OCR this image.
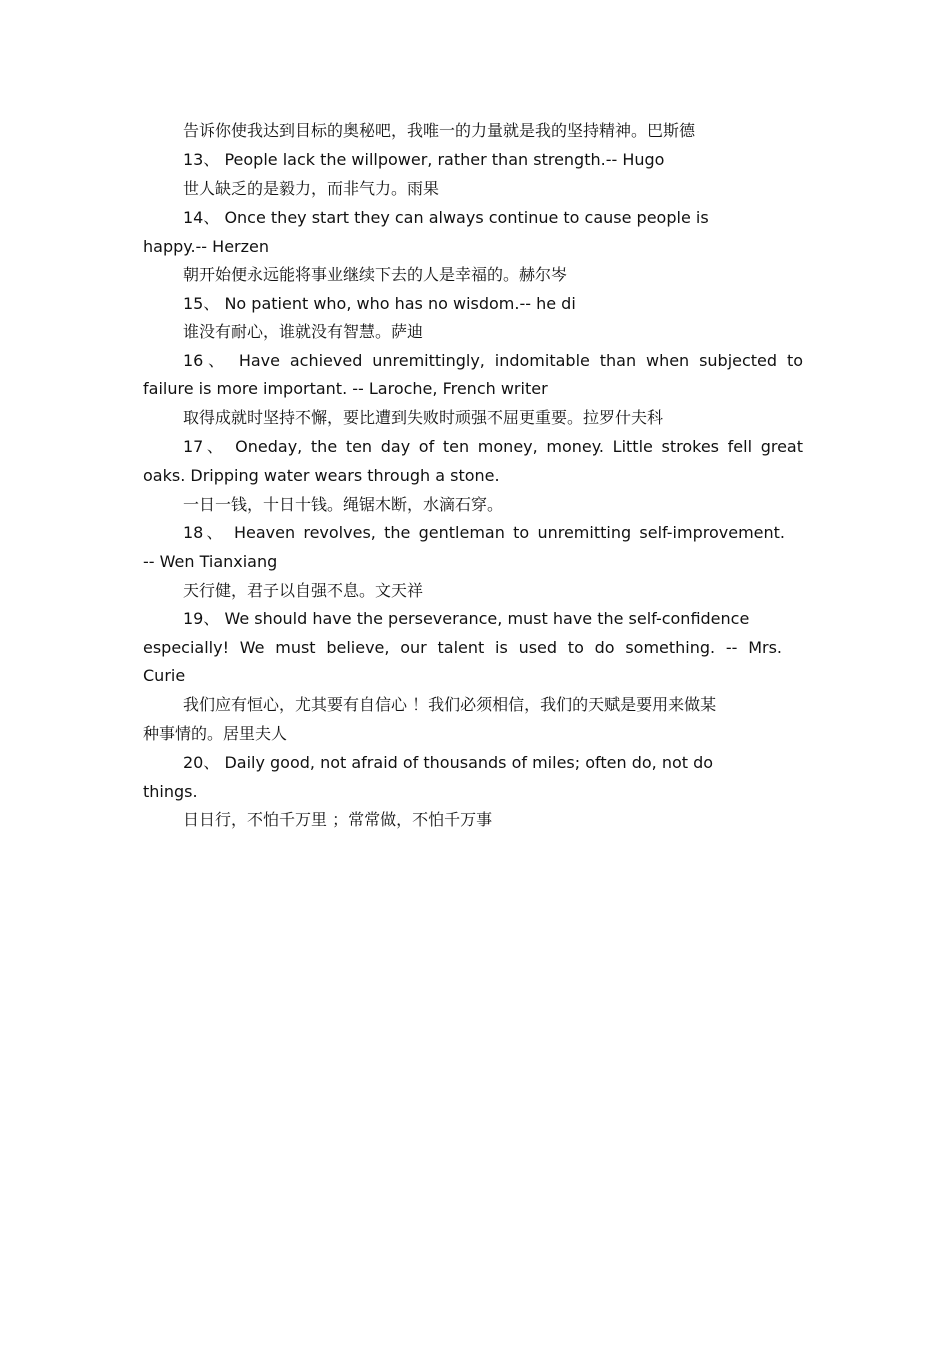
告诉你使我达到目标的奥秘吧，我唯一的力量就是我的坚持精神。巴斯德
13、 People lack the willpower, rather than strength.-- Hugo
世人缺乏的是毅力，而非气力。雨果
14、 Once they start they can always continue to cause people is
happy.-- Herzen
朝开始便永远能将事业继续下去的人是幸福的。赫尔岑
15、 No patient who, who has no wisdom.-- he di
谁没有耐心，谁就没有智慧。萨迪
16、 Have achieved unremittingly, indomitable than when subjected to
failure is more important. -- Laroche, French writer
取得成就时坚持不懈，要比遭到失败时顽强不屈更重要。拉罗什夫科
17、 Oneday, the ten day of ten money, money. Little strokes fell great
oaks. Dripping water wears through a stone.
一日一钱，十日十钱。绳锯木断，水滴石穿。
18、 Heaven revolves, the gentleman to unremitting self-improvement.
-- Wen Tianxiang
天行健，君子以自强不息。文天祥
19、 We should have the perseverance, must have the self-confidence
especially! We must believe, our talent is used to do something. -- Mrs.
Curie
我们应有恒心，尤其要有自信心 ！我们必须相信，我们的天赋是要用来做某
种事情的。居里夫人
20、 Daily good, not afraid of thousands of miles; often do, not do
things.
日日行，不怕千万里 ；常常做，不怕千万事
